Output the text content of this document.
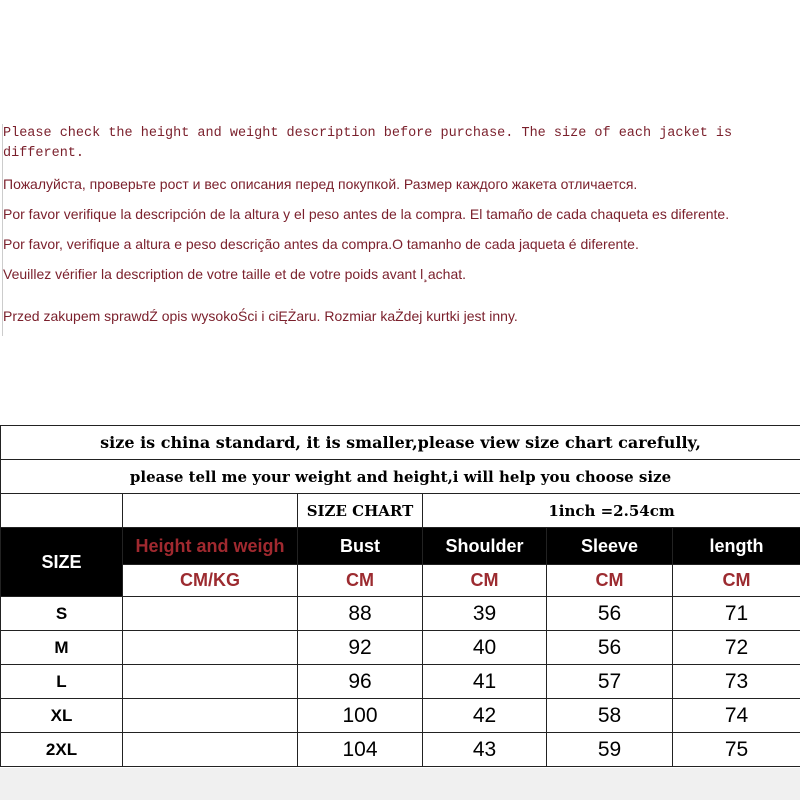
Please check the height and weight description before purchase. The size of each jacket is different.
Пожалуйста, проверьте рост и вес описания перед покупкой. Размер каждого жакета отличается.
Por favor verifique la descripción de la altura y el peso antes de la compra. El tamaño de cada chaqueta es diferente.
Por favor, verifique a altura e peso descrição antes da compra.O tamanho de cada jaqueta é diferente.
Veuillez vérifier la description de votre taille et de votre poids avant l¸achat.
Przed zakupem sprawdŹ opis wysokoŚci i ciĘŻaru. Rozmiar kaŻdej kurtki jest inny.
size is china standard, it is smaller,please view size chart carefully,					
please tell me your weight and height,i will help you choose size					
		SIZE CHART	1inch =2.54cm		
SIZE	Height and weigh	Bust	Shoulder	Sleeve	length
	CM/KG	CM	CM	CM	CM
S		88	39	56	71
M		92	40	56	72
L		96	41	57	73
XL		100	42	58	74
2XL		104	43	59	75
